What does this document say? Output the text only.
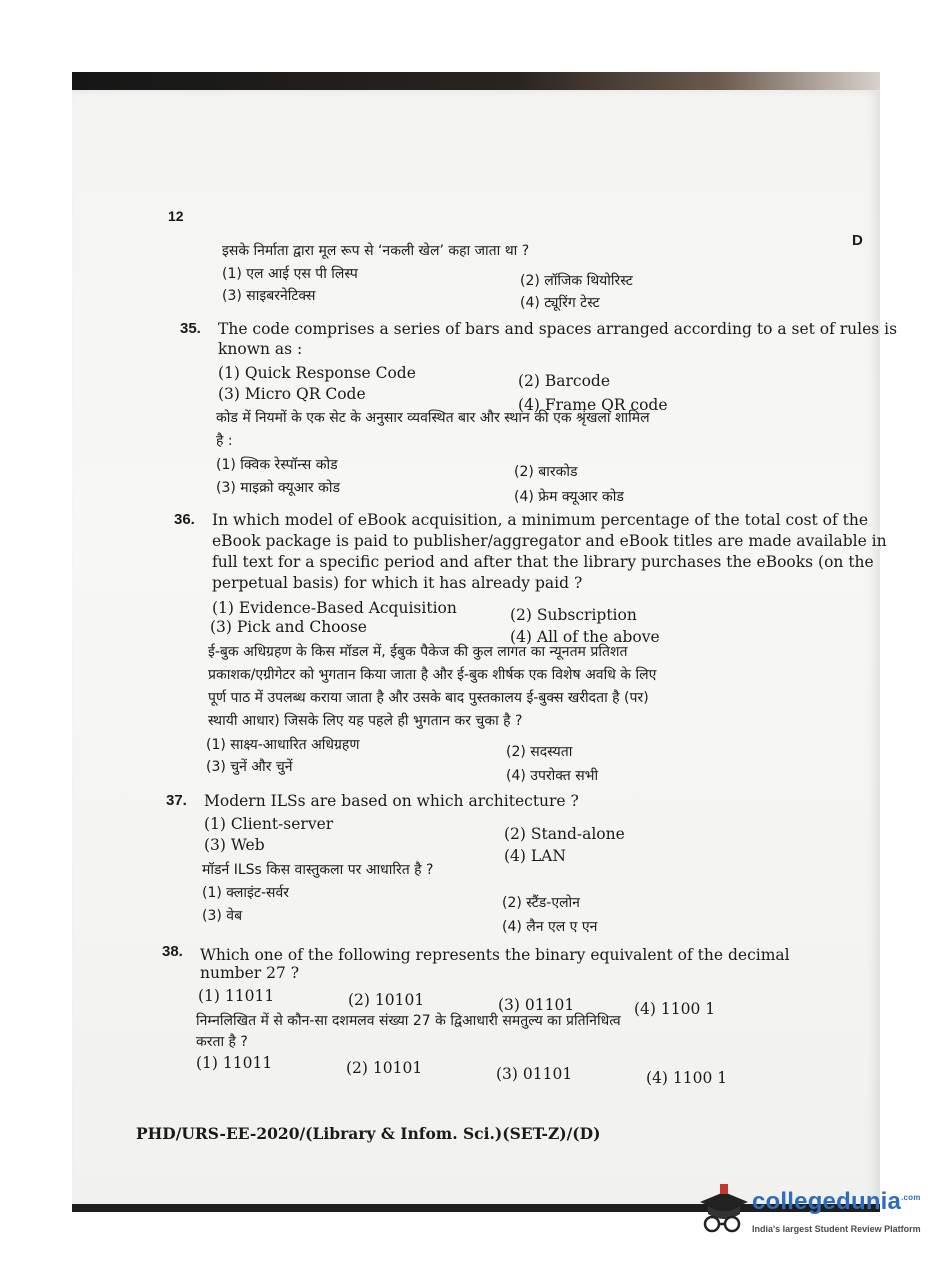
12
D
इसके निर्माता द्वारा मूल रूप से ‘नकली खेल’ कहा जाता था ?
(1) एल आई एस पी लिस्प	(2) लॉजिक थियोरिस्ट
(3) साइबरनेटिक्स	(4) ट्यूरिंग टेस्ट
35. The code comprises a series of bars and spaces arranged according to a set of rules is
known as :
(1) Quick Response Code	(2) Barcode
(3) Micro QR Code
(4) Frame QR code
कोड में नियमों के एक सेट के अनुसार व्यवस्थित बार और स्थान की एक श्रृंखला शामिल
है :
(1) क्विक रेस्पॉन्स कोड	(2) बारकोड
(3) माइक्रो क्यूआर कोड
(4) फ्रेम क्यूआर कोड
36. In which model of eBook acquisition, a minimum percentage of the total cost of the
eBook package is paid to publisher/aggregator and eBook titles are made available in
full text for a specific period and after that the library purchases the eBooks (on the
perpetual basis) for which it has already paid ?
(1) Evidence-Based Acquisition	(2) Subscription
(3) Pick and Choose
(4) All of the above
ई-बुक अधिग्रहण के किस मॉडल में, ईबुक पैकेज की कुल लागत का न्यूनतम प्रतिशत
प्रकाशक/एग्रीगेटर को भुगतान किया जाता है और ई-बुक शीर्षक एक विशेष अवधि के लिए
पूर्ण पाठ में उपलब्ध कराया जाता है और उसके बाद पुस्तकालय ई-बुक्स खरीदता है (पर)
स्थायी आधार) जिसके लिए यह पहले ही भुगतान कर चुका है ?
(1) साक्ष्य-आधारित अधिग्रहण	(2) सदस्यता
(3) चुनें और चुनें
(4) उपरोक्त सभी
37. Modern ILSs are based on which architecture ?
(1) Client-server
(2) Stand-alone
(3) Web
(4) LAN
मॉडर्न ILSs किस वास्तुकला पर आधारित है ?
(1) क्लाइंट-सर्वर
(2) स्टैंड-एलोन
(3) वेब
(4) लैन एल ए एन
38. Which one of the following represents the binary equivalent of the decimal
number 27 ?
(1) 11011	(2) 10101	(3) 01101	(4) 1100 1
निम्नलिखित में से कौन-सा दशमलव संख्या 27 के द्विआधारी समतुल्य का प्रतिनिधित्व
करता है ?
(1) 11011	(2) 10101	(3) 01101	(4) 1100 1
PHD/URS-EE-2020/(Library & Infom. Sci.)(SET-Z)/(D)
collegedunia$^{.com}$
India's largest Student Review Platform
